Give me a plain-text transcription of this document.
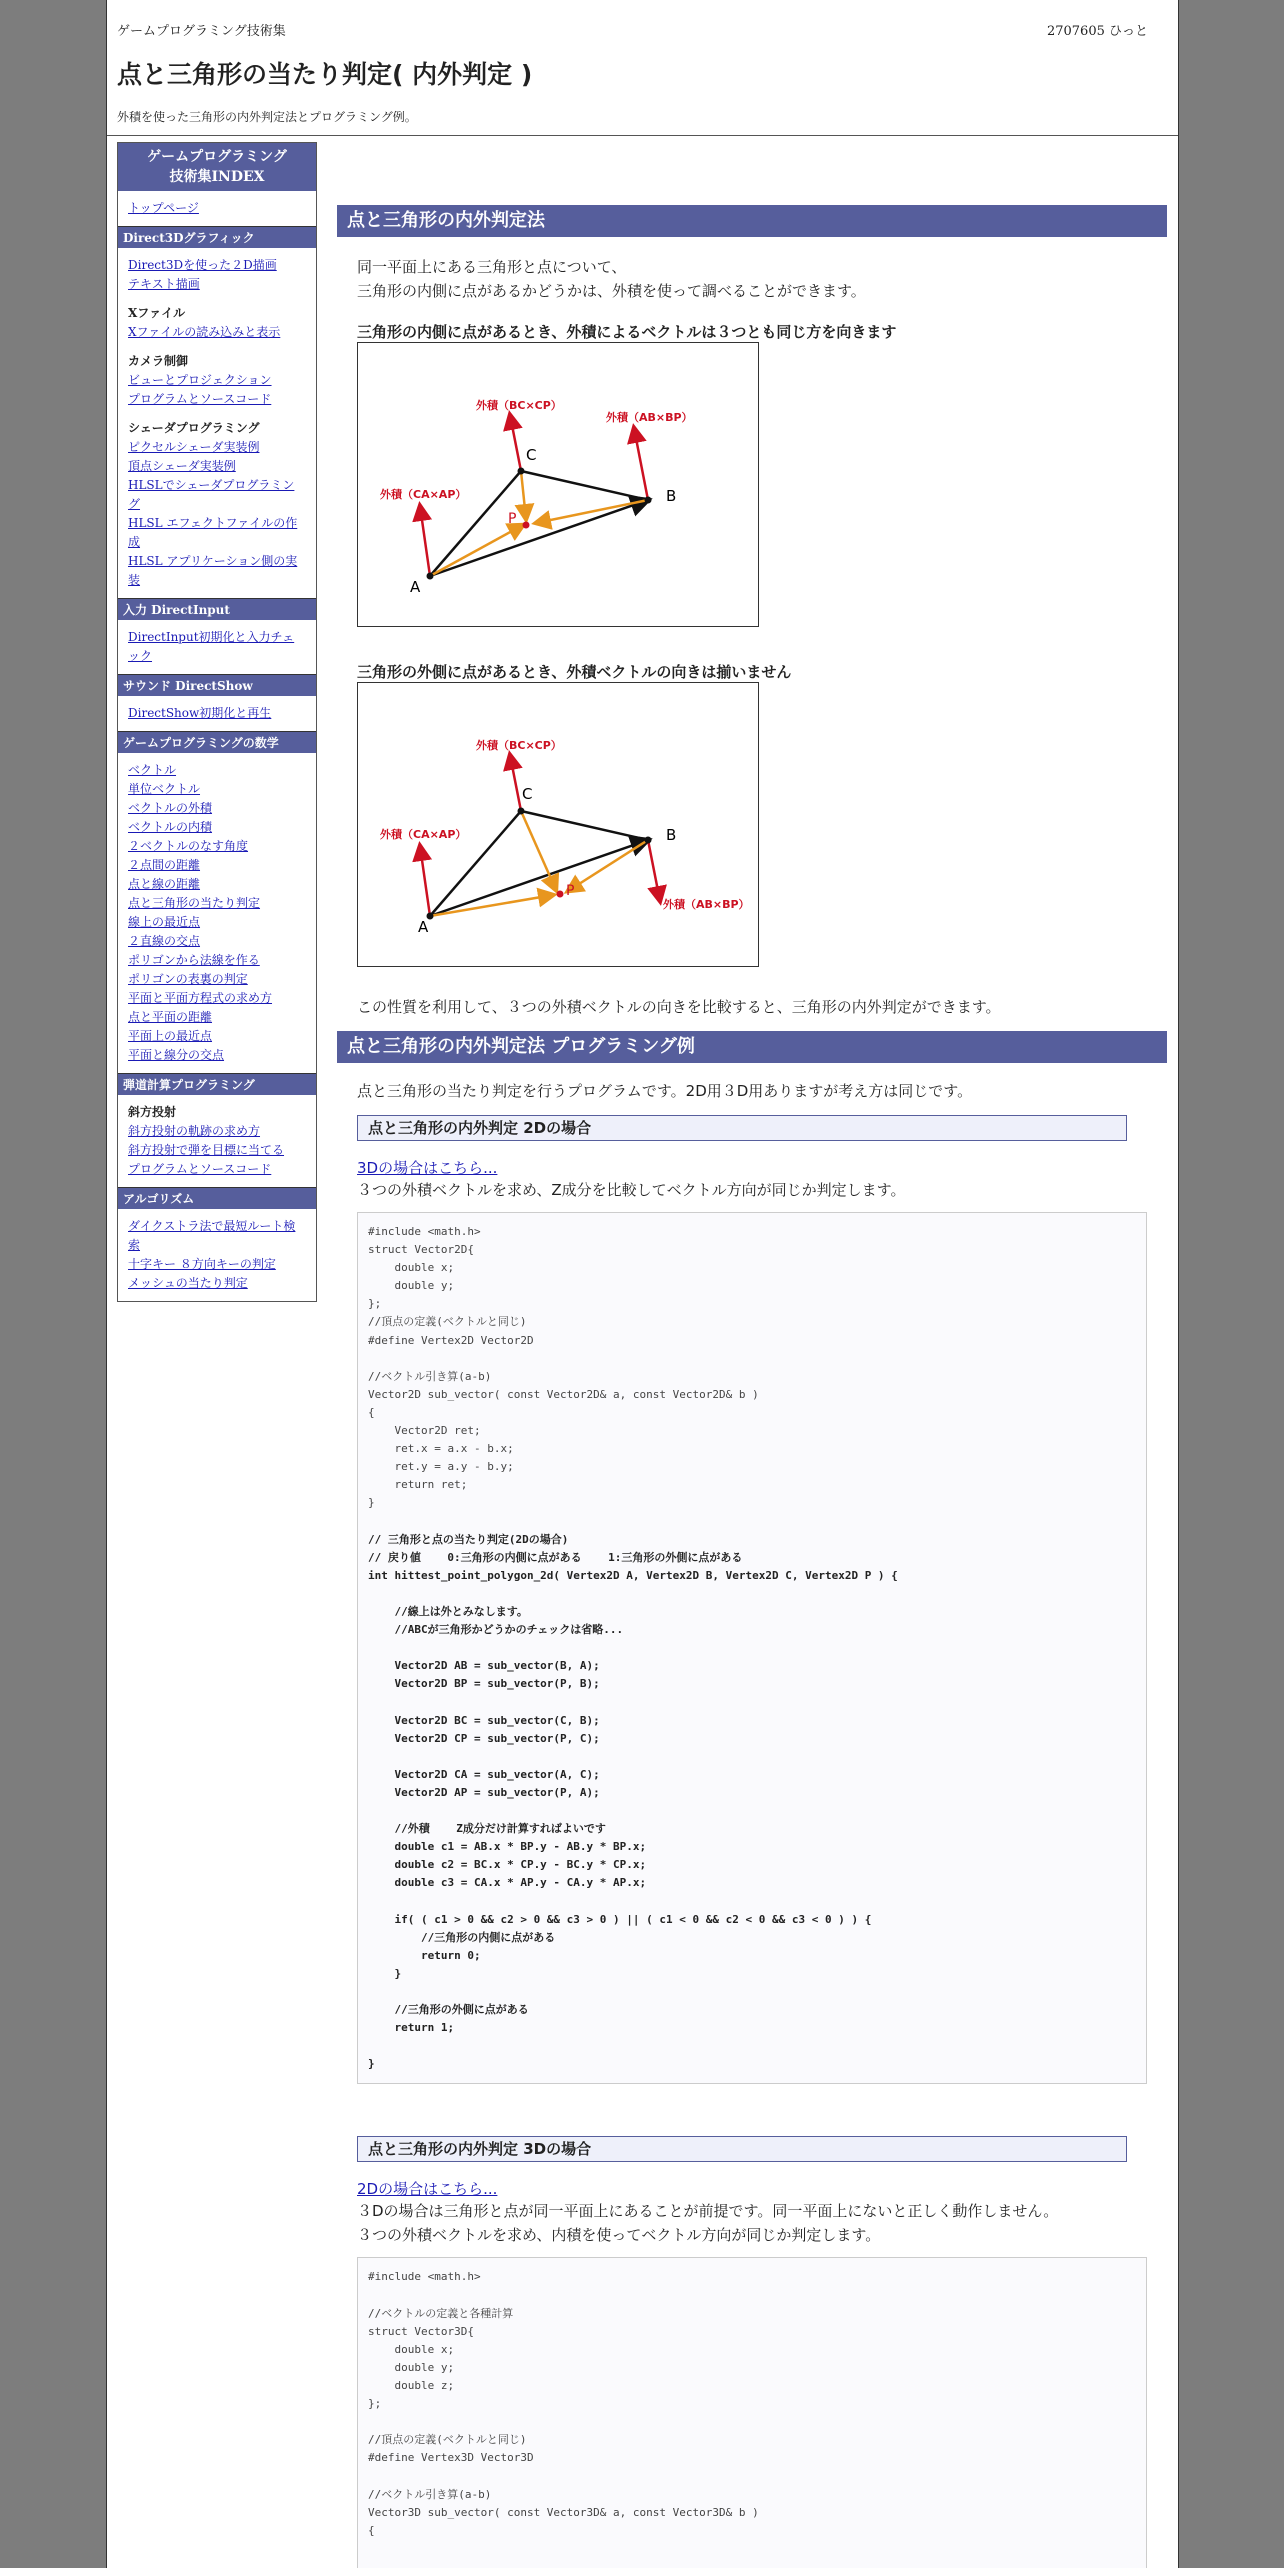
ゲームプログラミング技術集	2707605 ひっと
点と三角形の当たり判定( 内外判定 )
外積を使った三角形の内外判定法とプログラミング例。
ゲームプログラミング技術集INDEX
トップページ
Direct3Dグラフィック
Direct3Dを使った２D描画
テキスト描画
Xファイル
Xファイルの読み込みと表示
カメラ制御
ビューとプロジェクション
プログラムとソースコード
シェーダプログラミング
ピクセルシェーダ実装例
頂点シェーダ実装例
HLSLでシェーダプログラミング
HLSL エフェクトファイルの作成
HLSL アプリケーション側の実装
入力 DirectInput
DirectInput初期化と入力チェック
サウンド DirectShow
DirectShow初期化と再生
ゲームプログラミングの数学
ベクトル
単位ベクトル
ベクトルの外積
ベクトルの内積
２ベクトルのなす角度
２点間の距離
点と線の距離
点と三角形の当たり判定
線上の最近点
２直線の交点
ポリゴンから法線を作る
ポリゴンの表裏の判定
平面と平面方程式の求め方
点と平面の距離
平面上の最近点
平面と線分の交点
弾道計算プログラミング
斜方投射
斜方投射の軌跡の求め方
斜方投射で弾を目標に当てる
プログラムとソースコード
アルゴリズム
ダイクストラ法で最短ルート検索
十字キー ８方向キーの判定
メッシュの当たり判定
点と三角形の内外判定法
同一平面上にある三角形と点について、
三角形の内側に点があるかどうかは、外積を使って調べることができます。
三角形の内側に点があるとき、外積によるベクトルは３つとも同じ方を向きます
A
C
B
P
外積（BC×CP）
外積（AB×BP）
外積（CA×AP）
三角形の外側に点があるとき、外積ベクトルの向きは揃いません
A
C
B
P
外積（BC×CP）
外積（AB×BP）
外積（CA×AP）
この性質を利用して、３つの外積ベクトルの向きを比較すると、三角形の内外判定ができます。
点と三角形の内外判定法 プログラミング例
点と三角形の当たり判定を行うプログラムです。2D用３D用ありますが考え方は同じです。
点と三角形の内外判定 2Dの場合
3Dの場合はこちら...
３つの外積ベクトルを求め、Z成分を比較してベクトル方向が同じか判定します。
#include <math.h>
struct Vector2D{
double x;
double y;
};
//頂点の定義(ベクトルと同じ)
#define Vertex2D Vector2D

//ベクトル引き算(a-b)
Vector2D sub_vector( const Vector2D& a, const Vector2D& b )
{
Vector2D ret;
ret.x = a.x - b.x;
ret.y = a.y - b.y;
return ret;
}

// 三角形と点の当たり判定(2Dの場合)
// 戻り値    0:三角形の内側に点がある    1:三角形の外側に点がある
int hittest_point_polygon_2d( Vertex2D A, Vertex2D B, Vertex2D C, Vertex2D P ) {

//線上は外とみなします。
//ABCが三角形かどうかのチェックは省略...

Vector2D AB = sub_vector(B, A);
Vector2D BP = sub_vector(P, B);

Vector2D BC = sub_vector(C, B);
Vector2D CP = sub_vector(P, C);

Vector2D CA = sub_vector(A, C);
Vector2D AP = sub_vector(P, A);

//外積    Z成分だけ計算すればよいです
double c1 = AB.x * BP.y - AB.y * BP.x;
double c2 = BC.x * CP.y - BC.y * CP.x;
double c3 = CA.x * AP.y - CA.y * AP.x;

if( ( c1 > 0 && c2 > 0 && c3 > 0 ) || ( c1 < 0 && c2 < 0 && c3 < 0 ) ) {
//三角形の内側に点がある
return 0;
}

//三角形の外側に点がある
return 1;

}

点と三角形の内外判定 3Dの場合
2Dの場合はこちら...
３Dの場合は三角形と点が同一平面上にあることが前提です。同一平面上にないと正しく動作しません。
３つの外積ベクトルを求め、内積を使ってベクトル方向が同じか判定します。
#include <math.h>

//ベクトルの定義と各種計算
struct Vector3D{
double x;
double y;
double z;
};

//頂点の定義(ベクトルと同じ)
#define Vertex3D Vector3D

//ベクトル引き算(a-b)
Vector3D sub_vector( const Vector3D& a, const Vector3D& b )
{
